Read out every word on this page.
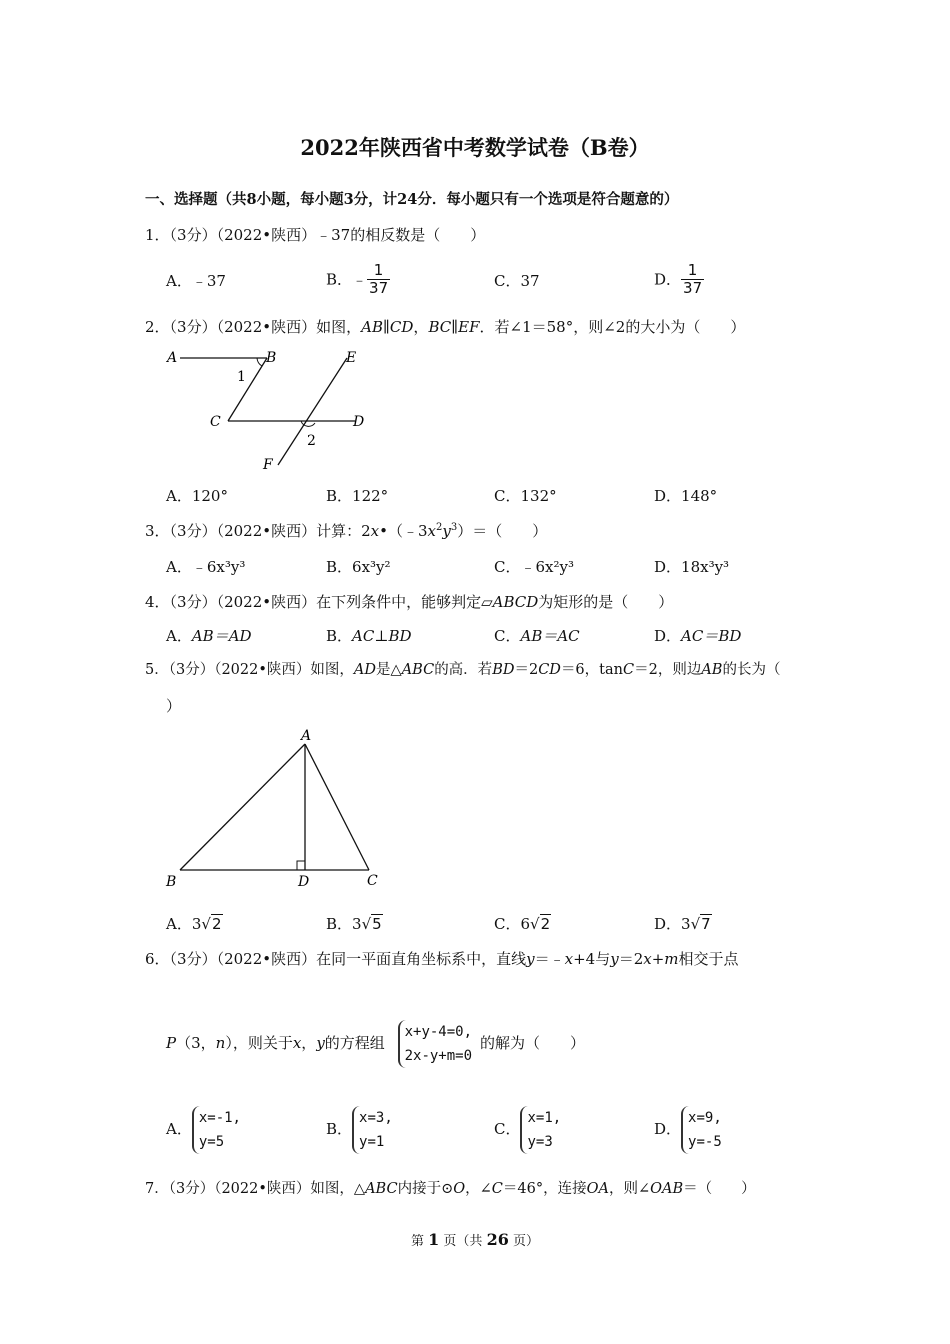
2022年陕西省中考数学试卷（B卷）
一、选择题（共8小题，每小题3分，计24分．每小题只有一个选项是符合题意的）
1．（3分）（2022•陕西）﹣37的相反数是（　　）
A．﹣37	B．﹣ $\frac{1}{37}$	C．37	D． $\frac{1}{37}$
2．（3分）（2022•陕西）如图，AB∥CD，BC∥EF．若∠1＝58°，则∠2的大小为（　　）
A	B
C	D
E
F
1
2
A．120°	B．122°	C．132°	D．148°
3．（3分）（2022•陕西）计算：$2x•(﹣3x^2y^3)=$（　　）
A．﹣6x³y³	B．6x³y²	C．﹣6x²y³	D．18x³y³
4．（3分）（2022•陕西）在下列条件中，能够判定▱ABCD为矩形的是（　　）
A．AB＝AD	B．AC⊥BD	C．AB＝AC	D．AC＝BD
5．（3分）（2022•陕西）如图，AD是△ABC的高．若BD＝2CD＝6，tanC＝2，则边AB的长为（
）
A
B	D	C
A．3√2	B．3√5	C．6√2	D．3√7
6．（3分）（2022•陕西）在同一平面直角坐标系中，直线y＝﹣x+4与y＝2x+m相交于点
P（3，n），则关于x，y的方程组
x+y-4=0,
2x-y+m=0
的解为（　　）
A．
x=-1,
y=5
B．
x=3,
y=1
C．
x=1,
y=3
D．
x=9,
y=-5
7．（3分）（2022•陕西）如图，△ABC内接于⊙O，∠C＝46°，连接OA，则∠OAB＝（　　）
第 1 页（共 26 页）
